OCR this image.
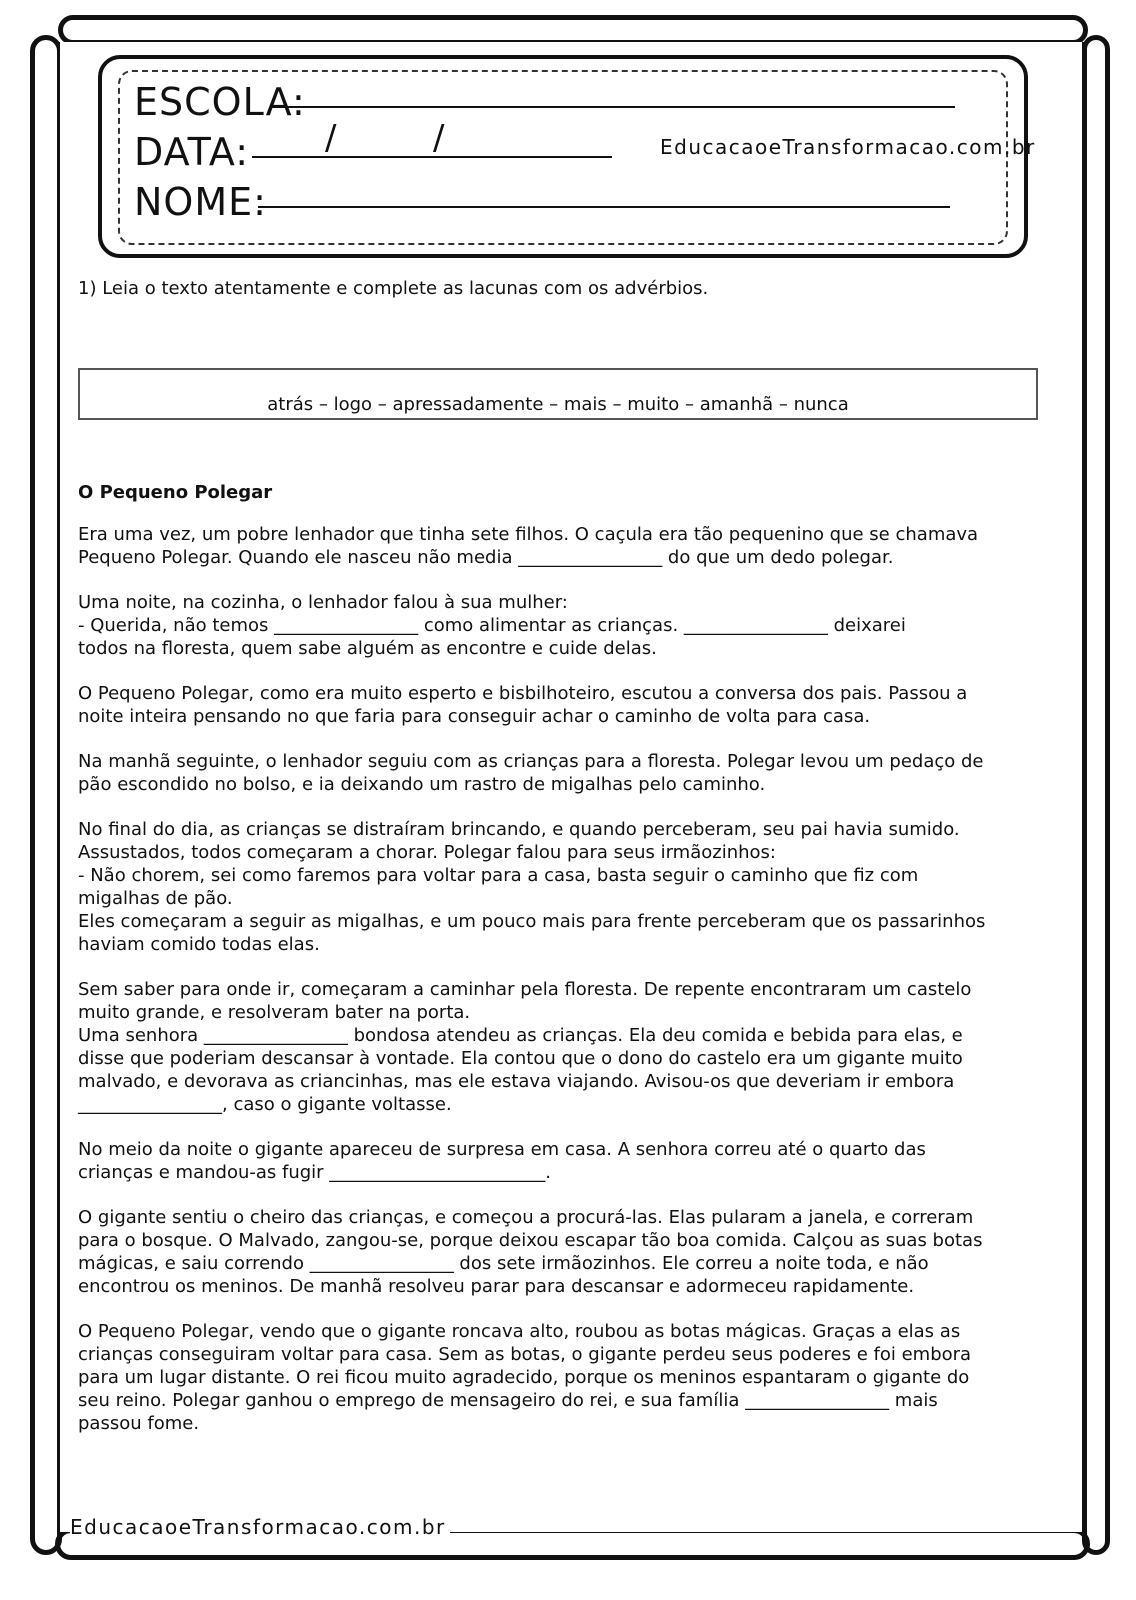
ESCOLA:
DATA: /	/	EducacaoeTransformacao.com.br
NOME:
1) Leia o texto atentamente e complete as lacunas com os advérbios.
atrás – logo – apressadamente – mais – muito – amanhã – nunca
O Pequeno Polegar

Era uma vez, um pobre lenhador que tinha sete filhos. O caçula era tão pequenino que se chamava
Pequeno Polegar. Quando ele nasceu não media ________________ do que um dedo polegar.

Uma noite, na cozinha, o lenhador falou à sua mulher:
- Querida, não temos ________________ como alimentar as crianças. ________________ deixarei
todos na floresta, quem sabe alguém as encontre e cuide delas.

O Pequeno Polegar, como era muito esperto e bisbilhoteiro, escutou a conversa dos pais. Passou a
noite inteira pensando no que faria para conseguir achar o caminho de volta para casa.

Na manhã seguinte, o lenhador seguiu com as crianças para a floresta. Polegar levou um pedaço de
pão escondido no bolso, e ia deixando um rastro de migalhas pelo caminho.

No final do dia, as crianças se distraíram brincando, e quando perceberam, seu pai havia sumido.
Assustados, todos começaram a chorar. Polegar falou para seus irmãozinhos:
- Não chorem, sei como faremos para voltar para a casa, basta seguir o caminho que fiz com
migalhas de pão.
Eles começaram a seguir as migalhas, e um pouco mais para frente perceberam que os passarinhos
haviam comido todas elas.

Sem saber para onde ir, começaram a caminhar pela floresta. De repente encontraram um castelo
muito grande, e resolveram bater na porta.
Uma senhora ________________ bondosa atendeu as crianças. Ela deu comida e bebida para elas, e
disse que poderiam descansar à vontade. Ela contou que o dono do castelo era um gigante muito
malvado, e devorava as criancinhas, mas ele estava viajando. Avisou-os que deveriam ir embora
________________, caso o gigante voltasse.

No meio da noite o gigante apareceu de surpresa em casa. A senhora correu até o quarto das
crianças e mandou-as fugir ________________________.

O gigante sentiu o cheiro das crianças, e começou a procurá-las. Elas pularam a janela, e correram
para o bosque. O Malvado, zangou-se, porque deixou escapar tão boa comida. Calçou as suas botas
mágicas, e saiu correndo ________________ dos sete irmãozinhos. Ele correu a noite toda, e não
encontrou os meninos. De manhã resolveu parar para descansar e adormeceu rapidamente.

O Pequeno Polegar, vendo que o gigante roncava alto, roubou as botas mágicas. Graças a elas as
crianças conseguiram voltar para casa. Sem as botas, o gigante perdeu seus poderes e foi embora
para um lugar distante. O rei ficou muito agradecido, porque os meninos espantaram o gigante do
seu reino. Polegar ganhou o emprego de mensageiro do rei, e sua família ________________ mais
passou fome.

EducacaoeTransformacao.com.br
